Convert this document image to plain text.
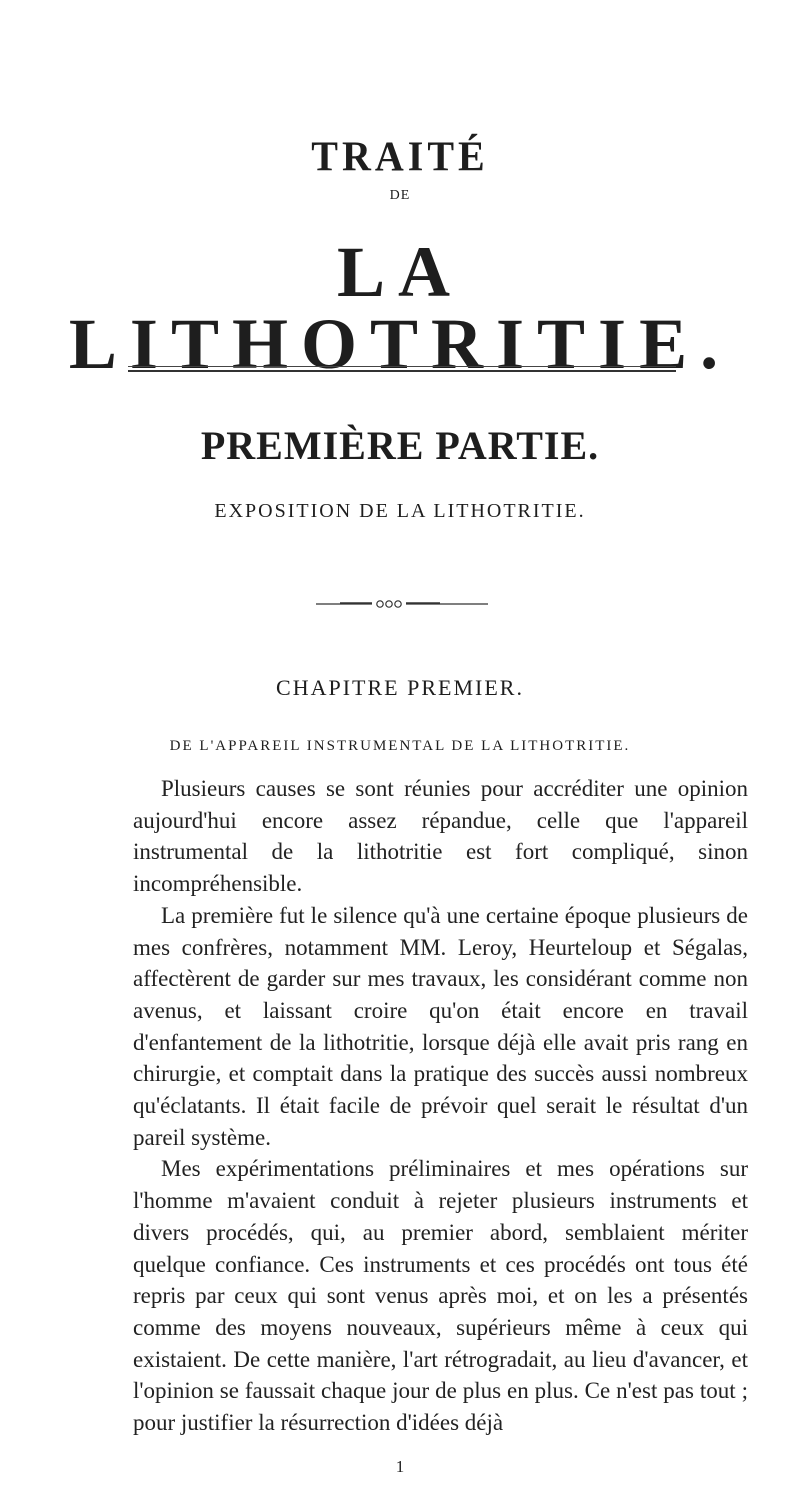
TRAITÉ
DE
LA LITHOTRITIE.
PREMIÈRE PARTIE.
EXPOSITION DE LA LITHOTRITIE.
CHAPITRE PREMIER.
DE L'APPAREIL INSTRUMENTAL DE LA LITHOTRITIE.

Plusieurs causes se sont réunies pour accréditer une opinion aujourd'hui encore assez répandue, celle que l'appareil instrumental de la lithotritie est fort compliqué, sinon incompréhensible.

La première fut le silence qu'à une certaine époque plusieurs de mes confrères, notamment MM. Leroy, Heurteloup et Ségalas, affectèrent de garder sur mes travaux, les considérant comme non avenus, et laissant croire qu'on était encore en travail d'enfantement de la lithotritie, lorsque déjà elle avait pris rang en chirurgie, et comptait dans la pratique des succès aussi nombreux qu'éclatants. Il était facile de prévoir quel serait le résultat d'un pareil système.

Mes expérimentations préliminaires et mes opérations sur l'homme m'avaient conduit à rejeter plusieurs instruments et divers procédés, qui, au premier abord, semblaient mériter quelque confiance. Ces instruments et ces procédés ont tous été repris par ceux qui sont venus après moi, et on les a présentés comme des moyens nouveaux, supérieurs même à ceux qui existaient. De cette manière, l'art rétrogradait, au lieu d'avancer, et l'opinion se faussait chaque jour de plus en plus. Ce n'est pas tout ; pour justifier la résurrection d'idées déjà

1
